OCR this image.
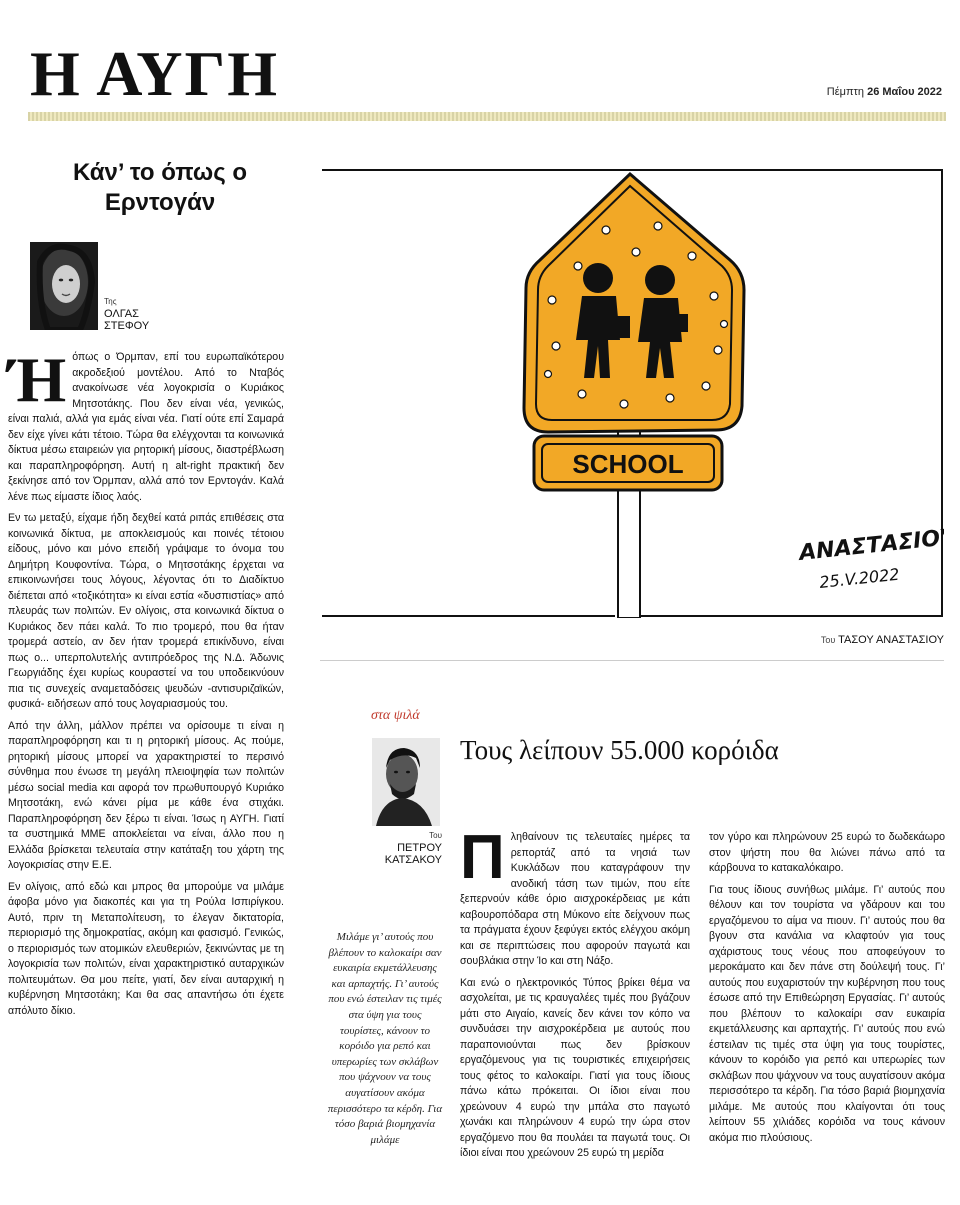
Η ΑΥΓΗ	Πέμπτη 26 Μαΐου 2022
Κάν’ το όπως ο Ερντογάν
Της
ΟΛΓΑΣ
ΣΤΕΦΟΥ

Ήόπως ο Όρμπαν, επί του ευρωπαϊκότερου ακροδεξιού μοντέλου. Από το Νταβός ανακοίνωσε νέα λογοκρισία ο Κυριάκος Μητσοτάκης. Που δεν είναι νέα, γενικώς, είναι παλιά, αλλά για εμάς είναι νέα. Γιατί ούτε επί Σαμαρά δεν είχε γίνει κάτι τέτοιο. Τώρα θα ελέγχονται τα κοινωνικά δίκτυα μέσω εταιρειών για ρητορική μίσους, διαστρέβλωση και παραπληροφόρηση. Αυτή η alt-right πρακτική δεν ξεκίνησε από τον Όρμπαν, αλλά από τον Ερντογάν. Καλά λένε πως είμαστε ίδιος λαός.

Εν τω μεταξύ, είχαμε ήδη δεχθεί κατά ριπάς επιθέσεις στα κοινωνικά δίκτυα, με αποκλεισμούς και ποινές τέτοιου είδους, μόνο και μόνο επειδή γράψαμε το όνομα του Δημήτρη Κουφοντίνα. Τώρα, ο Μητσοτάκης έρχεται να επικοινωνήσει τους λόγους, λέγοντας ότι το Διαδίκτυο διέπεται από «τοξικότητα» κι είναι εστία «δυσπιστίας» από πλευράς των πολιτών. Εν ολίγοις, στα κοινωνικά δίκτυα ο Κυριάκος δεν πάει καλά. Το πιο τρομερό, που θα ήταν τρομερά αστείο, αν δεν ήταν τρομερά επικίνδυνο, είναι πως ο... υπερπολυτελής αντιπρόεδρος της Ν.Δ. Άδωνις Γεωργιάδης έχει κυρίως κουραστεί να του υποδεικνύουν πια τις συνεχείς αναμεταδόσεις ψευδών -αντισυριζαϊκών, φυσικά- ειδήσεων από τους λογαριασμούς του.

Από την άλλη, μάλλον πρέπει να ορίσουμε τι είναι η παραπληροφόρηση και τι η ρητορική μίσους. Ας πούμε, ρητορική μίσους μπορεί να χαρακτηριστεί το περσινό σύνθημα που ένωσε τη μεγάλη πλειοψηφία των πολιτών μέσω social media και αφορά τον πρωθυπουργό Κυριάκο Μητσοτάκη, ενώ κάνει ρίμα με κάθε ένα στιχάκι. Παραπληροφόρηση δεν ξέρω τι είναι. Ίσως η ΑΥΓΗ. Γιατί τα συστημικά ΜΜΕ αποκλείεται να είναι, άλλο που η Ελλάδα βρίσκεται τελευταία στην κατάταξη του χάρτη της λογοκρισίας στην Ε.Ε.

Εν ολίγοις, από εδώ και μπρος θα μπορούμε να μιλάμε άφοβα μόνο για διακοπές και για τη Ρούλα Ισπιρίγκου. Αυτό, πριν τη Μεταπολίτευση, το έλεγαν δικτατορία, περιορισμό της δημοκρατίας, ακόμη και φασισμό. Γενικώς, ο περιορισμός των ατομικών ελευθεριών, ξεκινώντας με τη λογοκρισία των πολιτών, είναι χαρακτηριστικό αυταρχικών πολιτευμάτων. Θα μου πείτε, γιατί, δεν είναι αυταρχική η κυβέρνηση Μητσοτάκη; Και θα σας απαντήσω ότι έχετε απόλυτο δίκιο.

SCHOOL
ΑΝΑΣΤΑΣΙΟΥ
25.V.2022
Του ΤΑΣΟΥ ΑΝΑΣΤΑΣΙΟΥ
στα ψιλά
Του
ΠΕΤΡΟΥ
ΚΑΤΣΑΚΟΥ
Τους λείπουν 55.000 κορόιδα
Μιλάμε γι’ αυτούς που βλέπουν το καλοκαίρι σαν ευκαιρία εκμετάλλευσης και αρπαχτής. Γι’ αυτούς που ενώ έστειλαν τις τιμές στα ύψη για τους τουρίστες, κάνουν το κορόιδο για ρεπό και υπερωρίες των σκλάβων που ψάχνουν να τους αυγατίσουν ακόμα περισσότερο τα κέρδη. Για τόσο βαριά βιομηχανία μιλάμε

Πληθαίνουν τις τελευταίες ημέρες τα ρεπορτάζ από τα νησιά των Κυκλάδων που καταγράφουν την ανοδική τάση των τιμών, που είτε ξεπερνούν κάθε όριο αισχροκέρδειας με κάτι καβουροπόδαρα στη Μύκονο είτε δείχνουν πως τα πράγματα έχουν ξεφύγει εκτός ελέγχου ακόμη και σε περιπτώσεις που αφορούν παγωτά και σουβλάκια στην Ίο και στη Νάξο.

Και ενώ ο ηλεκτρονικός Τύπος βρίκει θέμα να ασχολείται, με τις κραυγαλέες τιμές που βγάζουν μάτι στο Αιγαίο, κανείς δεν κάνει τον κόπο να συνδυάσει την αισχροκέρδεια με αυτούς που παραπονιούνται πως δεν βρίσκουν εργαζόμενους για τις τουριστικές επιχειρήσεις τους φέτος το καλοκαίρι. Γιατί για τους ίδιους πάνω κάτω πρόκειται. Οι ίδιοι είναι που χρεώνουν 4 ευρώ την μπάλα στο παγωτό χωνάκι και πληρώνουν 4 ευρώ την ώρα στον εργαζόμενο που θα πουλάει τα παγωτά τους. Οι ίδιοι είναι που χρεώνουν 25 ευρώ τη μερίδα

τον γύρο και πληρώνουν 25 ευρώ το δωδεκάωρο στον ψήστη που θα λιώνει πάνω από τα κάρβουνα το κατακαλόκαιρο.

Για τους ίδιους συνήθως μιλάμε. Γι’ αυτούς που θέλουν και τον τουρίστα να γδάρουν και του εργαζόμενου το αίμα να πιουν. Γι’ αυτούς που θα βγουν στα κανάλια να κλαφτούν για τους αχάριστους τους νέους που αποφεύγουν το μεροκάματο και δεν πάνε στη δούλεψή τους. Γι’ αυτούς που ευχαριστούν την κυβέρνηση που τους έσωσε από την Επιθεώρηση Εργασίας. Γι’ αυτούς που βλέπουν το καλοκαίρι σαν ευκαιρία εκμετάλλευσης και αρπαχτής. Γι’ αυτούς που ενώ έστειλαν τις τιμές στα ύψη για τους τουρίστες, κάνουν το κορόιδο για ρεπό και υπερωρίες των σκλάβων που ψάχνουν να τους αυγατίσουν ακόμα περισσότερο τα κέρδη. Για τόσο βαριά βιομηχανία μιλάμε. Με αυτούς που κλαίγονται ότι τους λείπουν 55 χιλιάδες κορόιδα να τους κάνουν ακόμα πιο πλούσιους.
